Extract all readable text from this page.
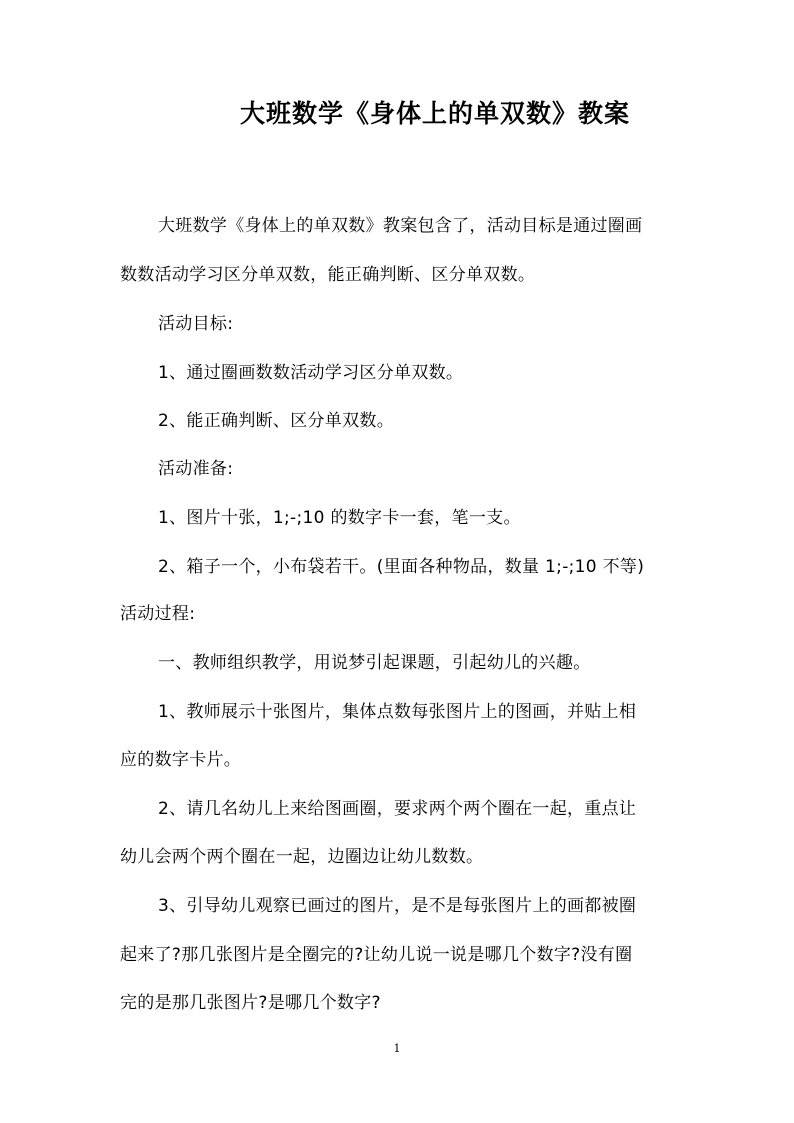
大班数学《身体上的单双数》教案
大班数学《身体上的单双数》教案包含了，活动目标是通过圈画
数数活动学习区分单双数，能正确判断、区分单双数。
活动目标:
1、通过圈画数数活动学习区分单双数。
2、能正确判断、区分单双数。
活动准备:
1、图片十张，1;-;10 的数字卡一套，笔一支。
2、箱子一个，小布袋若干。(里面各种物品，数量 1;-;10 不等)
活动过程:
一、教师组织教学，用说梦引起课题，引起幼儿的兴趣。
1、教师展示十张图片，集体点数每张图片上的图画，并贴上相
应的数字卡片。
2、请几名幼儿上来给图画圈，要求两个两个圈在一起，重点让
幼儿会两个两个圈在一起，边圈边让幼儿数数。
3、引导幼儿观察已画过的图片，是不是每张图片上的画都被圈
起来了?那几张图片是全圈完的?让幼儿说一说是哪几个数字?没有圈
完的是那几张图片?是哪几个数字?
1
